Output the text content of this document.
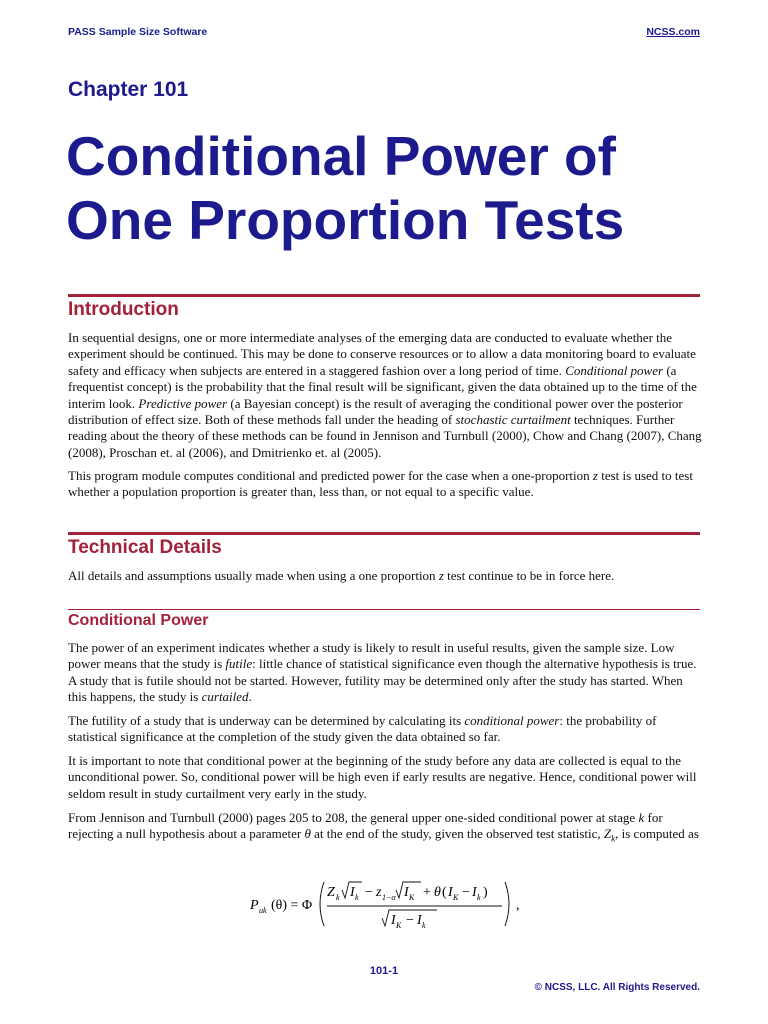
PASS Sample Size Software	NCSS.com
Chapter 101
Conditional Power of
One Proportion Tests
Introduction
In sequential designs, one or more intermediate analyses of the emerging data are conducted to evaluate whether the experiment should be continued. This may be done to conserve resources or to allow a data monitoring board to evaluate safety and efficacy when subjects are entered in a staggered fashion over a long period of time. Conditional power (a frequentist concept) is the probability that the final result will be significant, given the data obtained up to the time of the interim look. Predictive power (a Bayesian concept) is the result of averaging the conditional power over the posterior distribution of effect size. Both of these methods fall under the heading of stochastic curtailment techniques. Further reading about the theory of these methods can be found in Jennison and Turnbull (2000), Chow and Chang (2007), Chang (2008), Proschan et. al (2006), and Dmitrienko et. al (2005).
This program module computes conditional and predicted power for the case when a one-proportion z test is used to test whether a population proportion is greater than, less than, or not equal to a specific value.
Technical Details
All details and assumptions usually made when using a one proportion z test continue to be in force here.
Conditional Power
The power of an experiment indicates whether a study is likely to result in useful results, given the sample size. Low power means that the study is futile: little chance of statistical significance even though the alternative hypothesis is true. A study that is futile should not be started. However, futility may be determined only after the study has started. When this happens, the study is curtailed.
The futility of a study that is underway can be determined by calculating its conditional power: the probability of statistical significance at the completion of the study given the data obtained so far.
It is important to note that conditional power at the beginning of the study before any data are collected is equal to the unconditional power. So, conditional power will be high even if early results are negative. Hence, conditional power will seldom result in study curtailment very early in the study.
From Jennison and Turnbull (2000) pages 205 to 208, the general upper one-sided conditional power at stage k for rejecting a null hypothesis about a parameter θ at the end of the study, given the observed test statistic, $Z_k$, is computed as
P uk (θ) = Φ
Z k I k − z 1−α I K + θ ( I K − I k )
I K − I k
,
101-1
© NCSS, LLC. All Rights Reserved.
